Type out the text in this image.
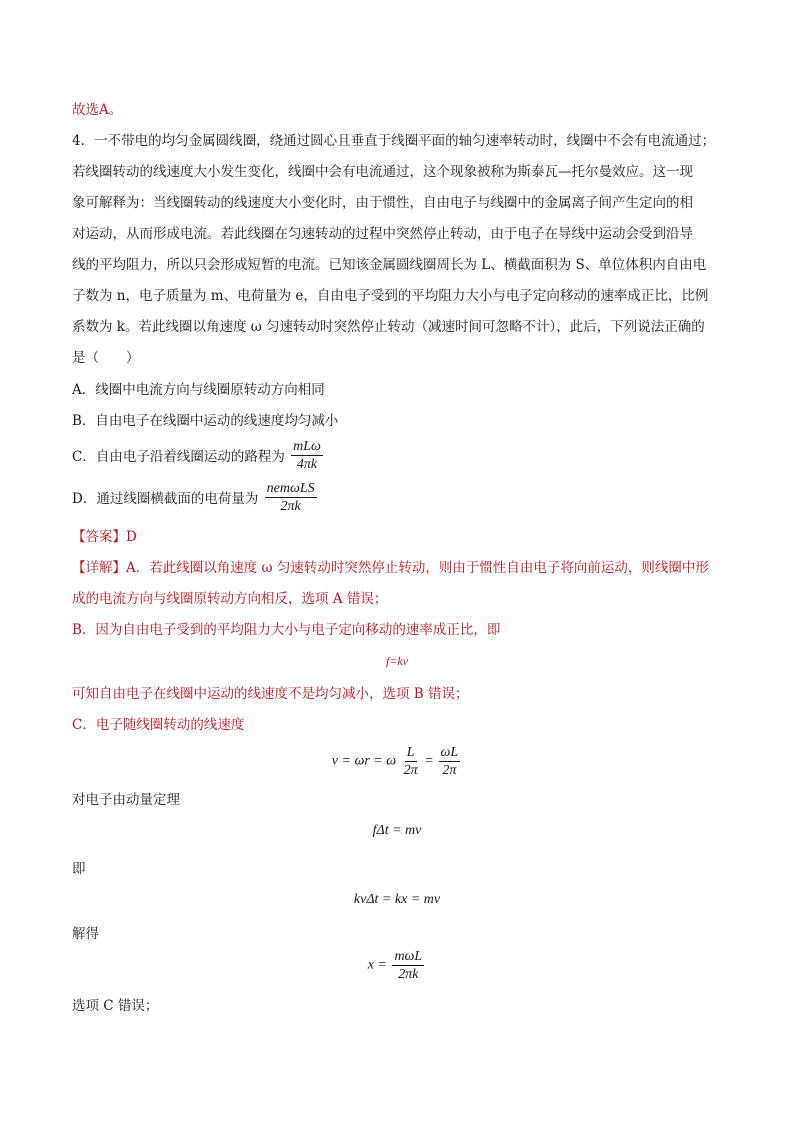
故选A。
4．一不带电的均匀金属圆线圈，绕通过圆心且垂直于线圈平面的轴匀速率转动时，线圈中不会有电流通过；
若线圈转动的线速度大小发生变化，线圈中会有电流通过，这个现象被称为斯泰瓦—托尔曼效应。这一现
象可解释为：当线圈转动的线速度大小变化时，由于惯性，自由电子与线圈中的金属离子间产生定向的相
对运动，从而形成电流。若此线圈在匀速转动的过程中突然停止转动，由于电子在导线中运动会受到沿导
线的平均阻力，所以只会形成短暂的电流。已知该金属圆线圈周长为 L、横截面积为 S、单位体积内自由电
子数为 n，电子质量为 m、电荷量为 e，自由电子受到的平均阻力大小与电子定向移动的速率成正比，比例
系数为 k。若此线圈以角速度 ω 匀速转动时突然停止转动（减速时间可忽略不计），此后，下列说法正确的
是（　　）
A．线圈中电流方向与线圈原转动方向相同
B．自由电子在线圈中运动的线速度均匀减小
C．自由电子沿着线圈运动的路程为 $\frac{\text{mLω}}{4\pi k}$
D．通过线圈横截面的电荷量为 $\frac{\text{nemωLS}}{2\pi k}$
【答案】D
【详解】A．若此线圈以角速度 ω 匀速转动时突然停止转动，则由于惯性自由电子将向前运动，则线圈中形
成的电流方向与线圈原转动方向相反，选项 A 错误；
B．因为自由电子受到的平均阻力大小与电子定向移动的速率成正比，即
f=kv
可知自由电子在线圈中运动的线速度不是均匀减小，选项 B 错误；
C．电子随线圈转动的线速度
v = ωr = ω $\frac{L}{2\pi} = \frac{\omega L}{2\pi}$
对电子由动量定理
fΔt = mv
即
kvΔt = kx = mv
解得
$x = \frac{\text{mωL}}{2\pi k}$
选项 C 错误；
